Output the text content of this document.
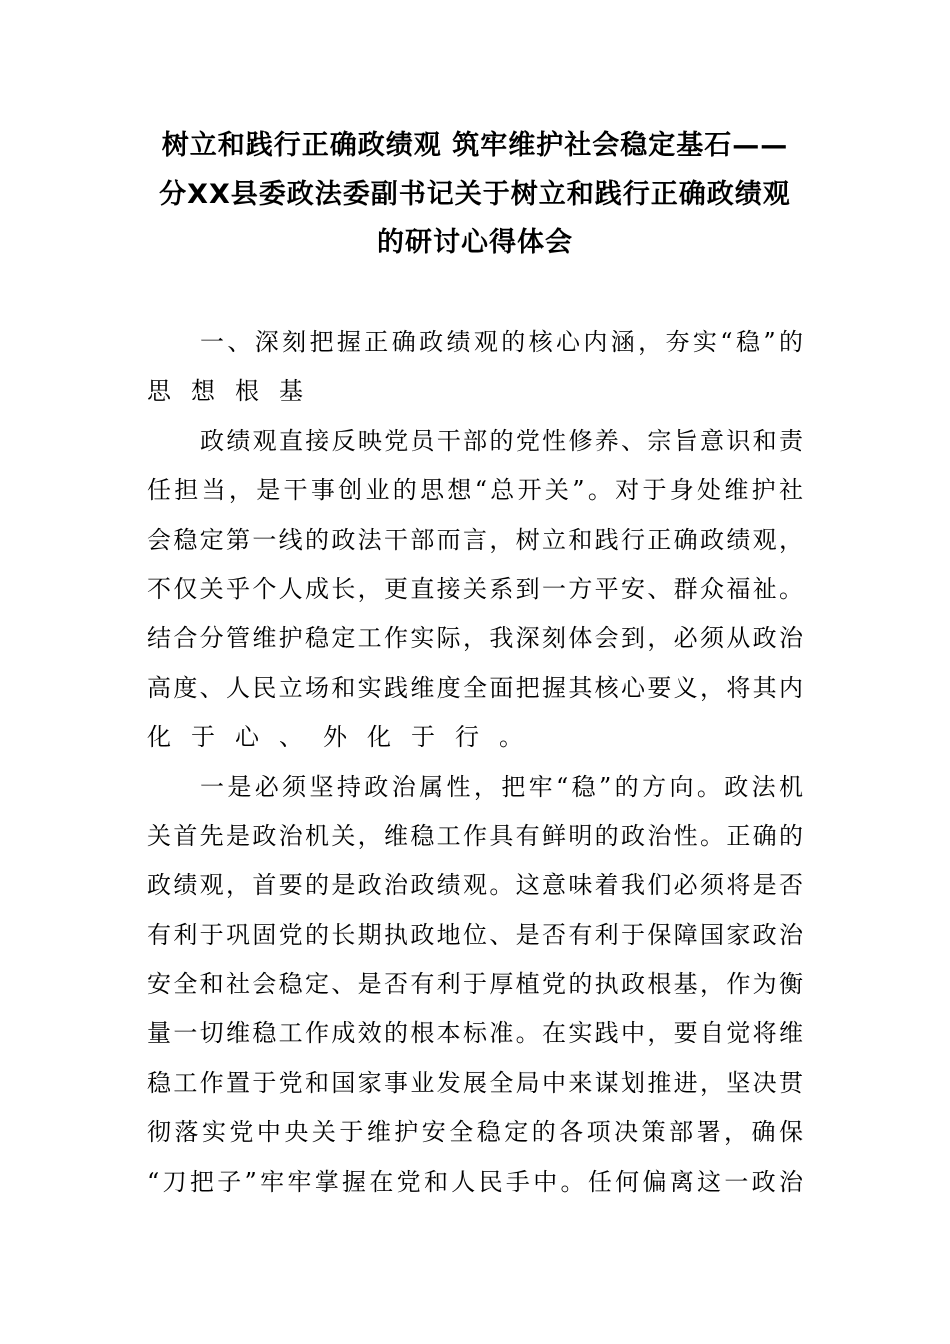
树立和践行正确政绩观 筑牢维护社会稳定基石——
分XX县委政法委副书记关于树立和践行正确政绩观
的研讨心得体会
一、深刻把握正确政绩观的核心内涵，夯实“稳”的
思想根基
政绩观直接反映党员干部的党性修养、宗旨意识和责
任担当，是干事创业的思想“总开关”。对于身处维护社
会稳定第一线的政法干部而言，树立和践行正确政绩观，
不仅关乎个人成长，更直接关系到一方平安、群众福祉。
结合分管维护稳定工作实际，我深刻体会到，必须从政治
高度、人民立场和实践维度全面把握其核心要义，将其内
化于心、外化于行。
一是必须坚持政治属性，把牢“稳”的方向。政法机
关首先是政治机关，维稳工作具有鲜明的政治性。正确的
政绩观，首要的是政治政绩观。这意味着我们必须将是否
有利于巩固党的长期执政地位、是否有利于保障国家政治
安全和社会稳定、是否有利于厚植党的执政根基，作为衡
量一切维稳工作成效的根本标准。在实践中，要自觉将维
稳工作置于党和国家事业发展全局中来谋划推进，坚决贯
彻落实党中央关于维护安全稳定的各项决策部署，确保
“刀把子”牢牢掌握在党和人民手中。任何偏离这一政治
